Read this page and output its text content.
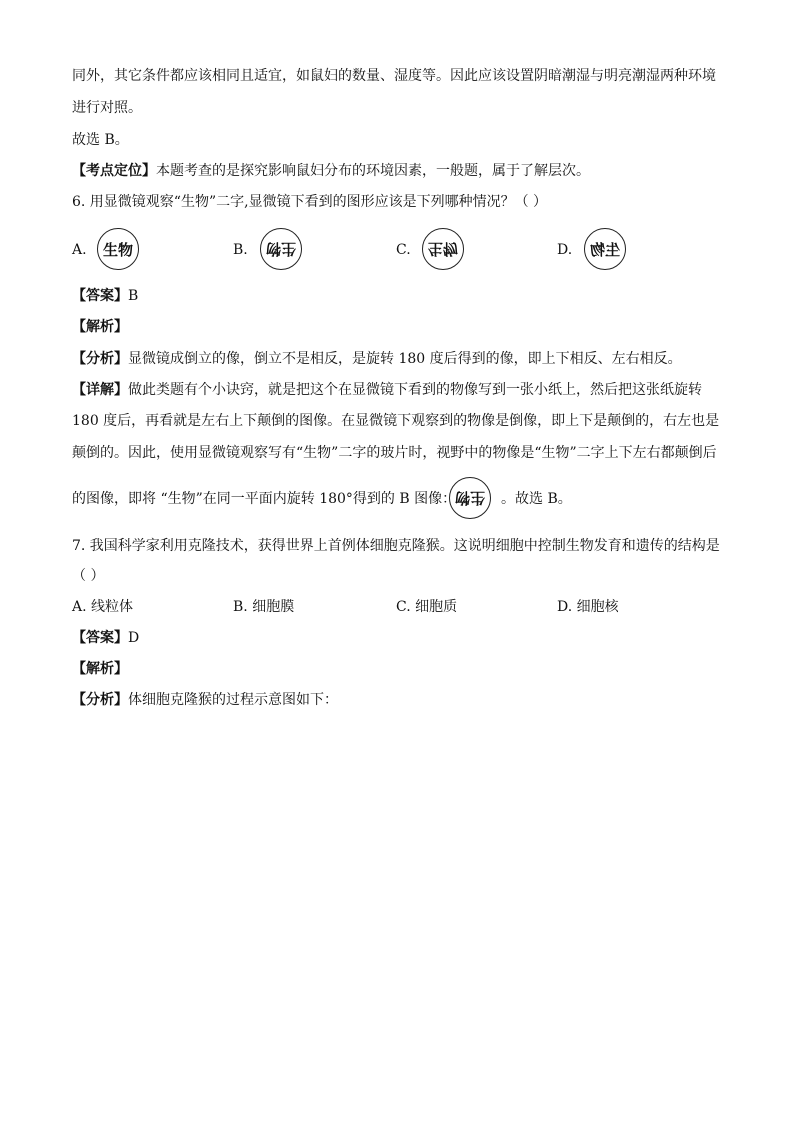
同外，其它条件都应该相同且适宜，如鼠妇的数量、湿度等。因此应该设置阴暗潮湿与明亮潮湿两种环境
进行对照。
故选 B。
【考点定位】本题考查的是探究影响鼠妇分布的环境因素，一般题，属于了解层次。
6. 用显微镜观察“生物”二字,显微镜下看到的图形应该是下列哪种情况？（ ）
A. 生物	B. 生物	C. 生物	D. 生物
【答案】B
【解析】
【分析】显微镜成倒立的像，倒立不是相反，是旋转 180 度后得到的像，即上下相反、左右相反。
【详解】做此类题有个小诀窍，就是把这个在显微镜下看到的物像写到一张小纸上，然后把这张纸旋转
180 度后，再看就是左右上下颠倒的图像。在显微镜下观察到的物像是倒像，即上下是颠倒的，右左也是
颠倒的。因此，使用显微镜观察写有“生物”二字的玻片时，视野中的物像是“生物”二字上下左右都颠倒后
的图像，即将 “生物”在同一平面内旋转 180°得到的 B 图像：
生物 。故选 B。
7. 我国科学家利用克隆技术，获得世界上首例体细胞克隆猴。这说明细胞中控制生物发育和遗传的结构是
（ ）
A. 线粒体	B. 细胞膜	C. 细胞质	D. 细胞核
【答案】D
【解析】
【分析】体细胞克隆猴的过程示意图如下：
